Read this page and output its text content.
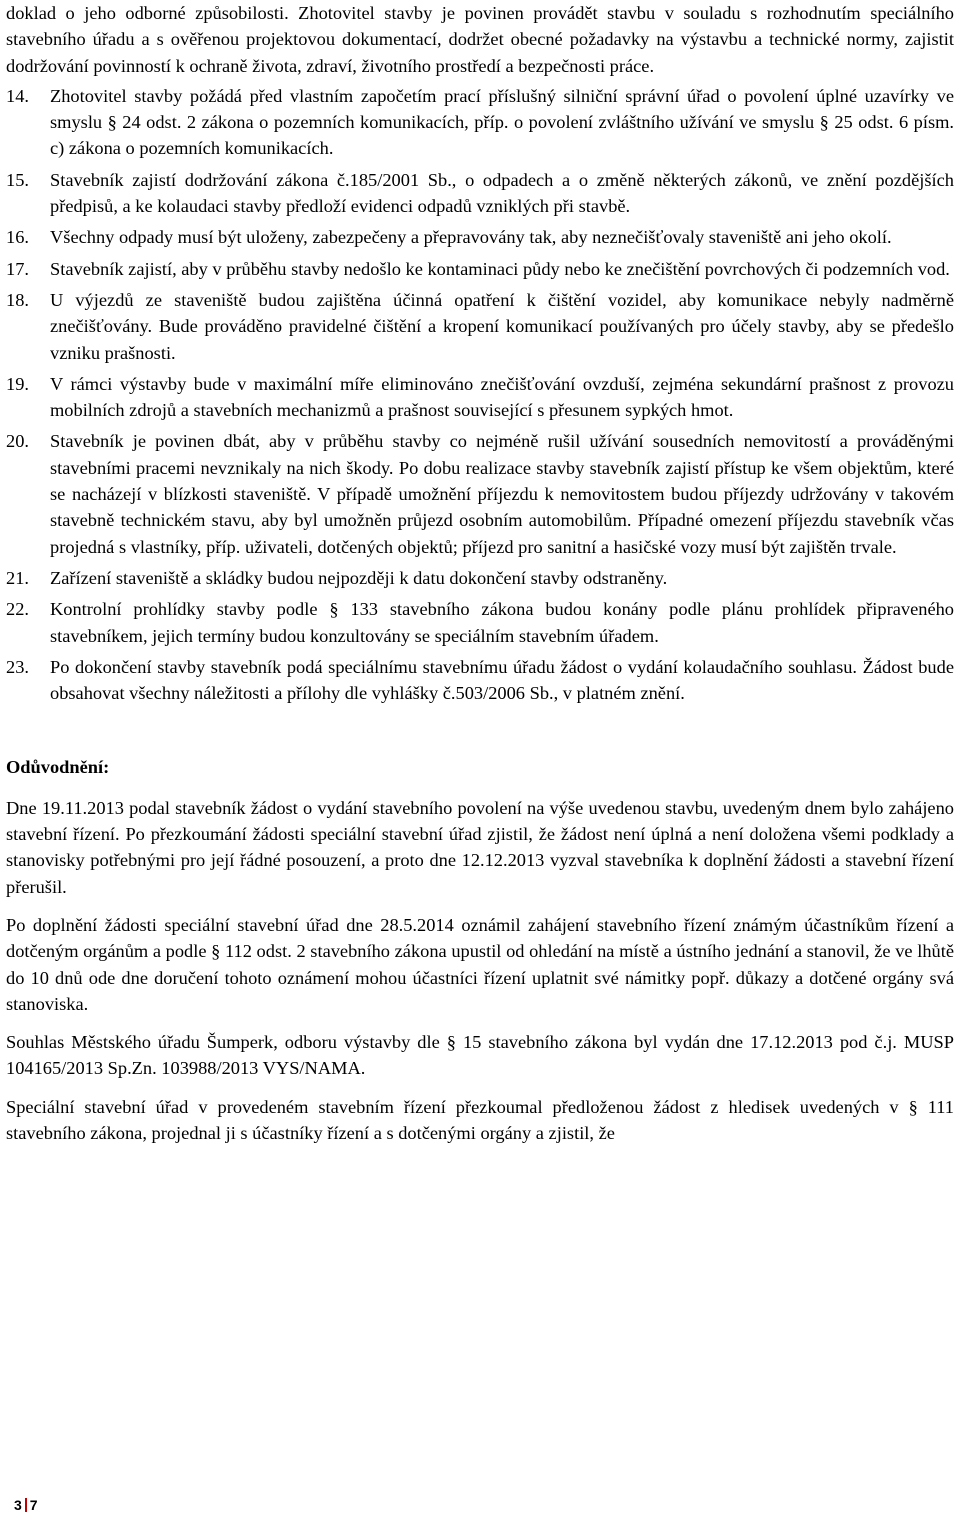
doklad o jeho odborné způsobilosti. Zhotovitel stavby je povinen provádět stavbu v souladu s rozhodnutím speciálního stavebního úřadu a s ověřenou projektovou dokumentací, dodržet obecné požadavky na výstavbu a technické normy, zajistit dodržování povinností k ochraně života, zdraví, životního prostředí a bezpečnosti práce.

14. Zhotovitel stavby požádá před vlastním započetím prací příslušný silniční správní úřad o povolení úplné uzavírky ve smyslu § 24 odst. 2 zákona o pozemních komunikacích, příp. o povolení zvláštního užívání ve smyslu § 25 odst. 6 písm. c) zákona o pozemních komunikacích.
15. Stavebník zajistí dodržování zákona č.185/2001 Sb., o odpadech a o změně některých zákonů, ve znění pozdějších předpisů, a ke kolaudaci stavby předloží evidenci odpadů vzniklých při stavbě.
16. Všechny odpady musí být uloženy, zabezpečeny a přepravovány tak, aby neznečišťovaly staveniště ani jeho okolí.
17. Stavebník zajistí, aby v průběhu stavby nedošlo ke kontaminaci půdy nebo ke znečištění povrchových či podzemních vod.
18. U výjezdů ze staveniště budou zajištěna účinná opatření k čištění vozidel, aby komunikace nebyly nadměrně znečišťovány. Bude prováděno pravidelné čištění a kropení komunikací používaných pro účely stavby, aby se předešlo vzniku prašnosti.
19. V rámci výstavby bude v maximální míře eliminováno znečišťování ovzduší, zejména sekundární prašnost z provozu mobilních zdrojů a stavebních mechanizmů a prašnost související s přesunem sypkých hmot.
20. Stavebník je povinen dbát, aby v průběhu stavby co nejméně rušil užívání sousedních nemovitostí a prováděnými stavebními pracemi nevznikaly na nich škody. Po dobu realizace stavby stavebník zajistí přístup ke všem objektům, které se nacházejí v blízkosti staveniště. V případě umožnění příjezdu k nemovitostem budou příjezdy udržovány v takovém stavebně technickém stavu, aby byl umožněn průjezd osobním automobilům. Případné omezení příjezdu stavebník včas projedná s vlastníky, příp. uživateli, dotčených objektů; příjezd pro sanitní a hasičské vozy musí být zajištěn trvale.
21. Zařízení staveniště a skládky budou nejpozději k datu dokončení stavby odstraněny.
22. Kontrolní prohlídky stavby podle § 133 stavebního zákona budou konány podle plánu prohlídek připraveného stavebníkem, jejich termíny budou konzultovány se speciálním stavebním úřadem.
23. Po dokončení stavby stavebník podá speciálnímu stavebnímu úřadu žádost o vydání kolaudačního souhlasu. Žádost bude obsahovat všechny náležitosti a přílohy dle vyhlášky č.503/2006 Sb., v platném znění.

Odůvodnění:

Dne 19.11.2013 podal stavebník žádost o vydání stavebního povolení na výše uvedenou stavbu, uvedeným dnem bylo zahájeno stavební řízení. Po přezkoumání žádosti speciální stavební úřad zjistil, že žádost není úplná a není doložena všemi podklady a stanovisky potřebnými pro její řádné posouzení, a proto dne 12.12.2013 vyzval stavebníka k doplnění žádosti a stavební řízení přerušil.

Po doplnění žádosti speciální stavební úřad dne 28.5.2014 oznámil zahájení stavebního řízení známým účastníkům řízení a dotčeným orgánům a podle § 112 odst. 2 stavebního zákona upustil od ohledání na místě a ústního jednání a stanovil, že ve lhůtě do 10 dnů ode dne doručení tohoto oznámení mohou účastníci řízení uplatnit své námitky popř. důkazy a dotčené orgány svá stanoviska.

Souhlas Městského úřadu Šumperk, odboru výstavby dle § 15 stavebního zákona byl vydán dne 17.12.2013 pod č.j. MUSP 104165/2013 Sp.Zn. 103988/2013 VYS/NAMA.

Speciální stavební úřad v provedeném stavebním řízení přezkoumal předloženou žádost z hledisek uvedených v § 111 stavebního zákona, projednal ji s účastníky řízení a s dotčenými orgány a zjistil, že

3 7
